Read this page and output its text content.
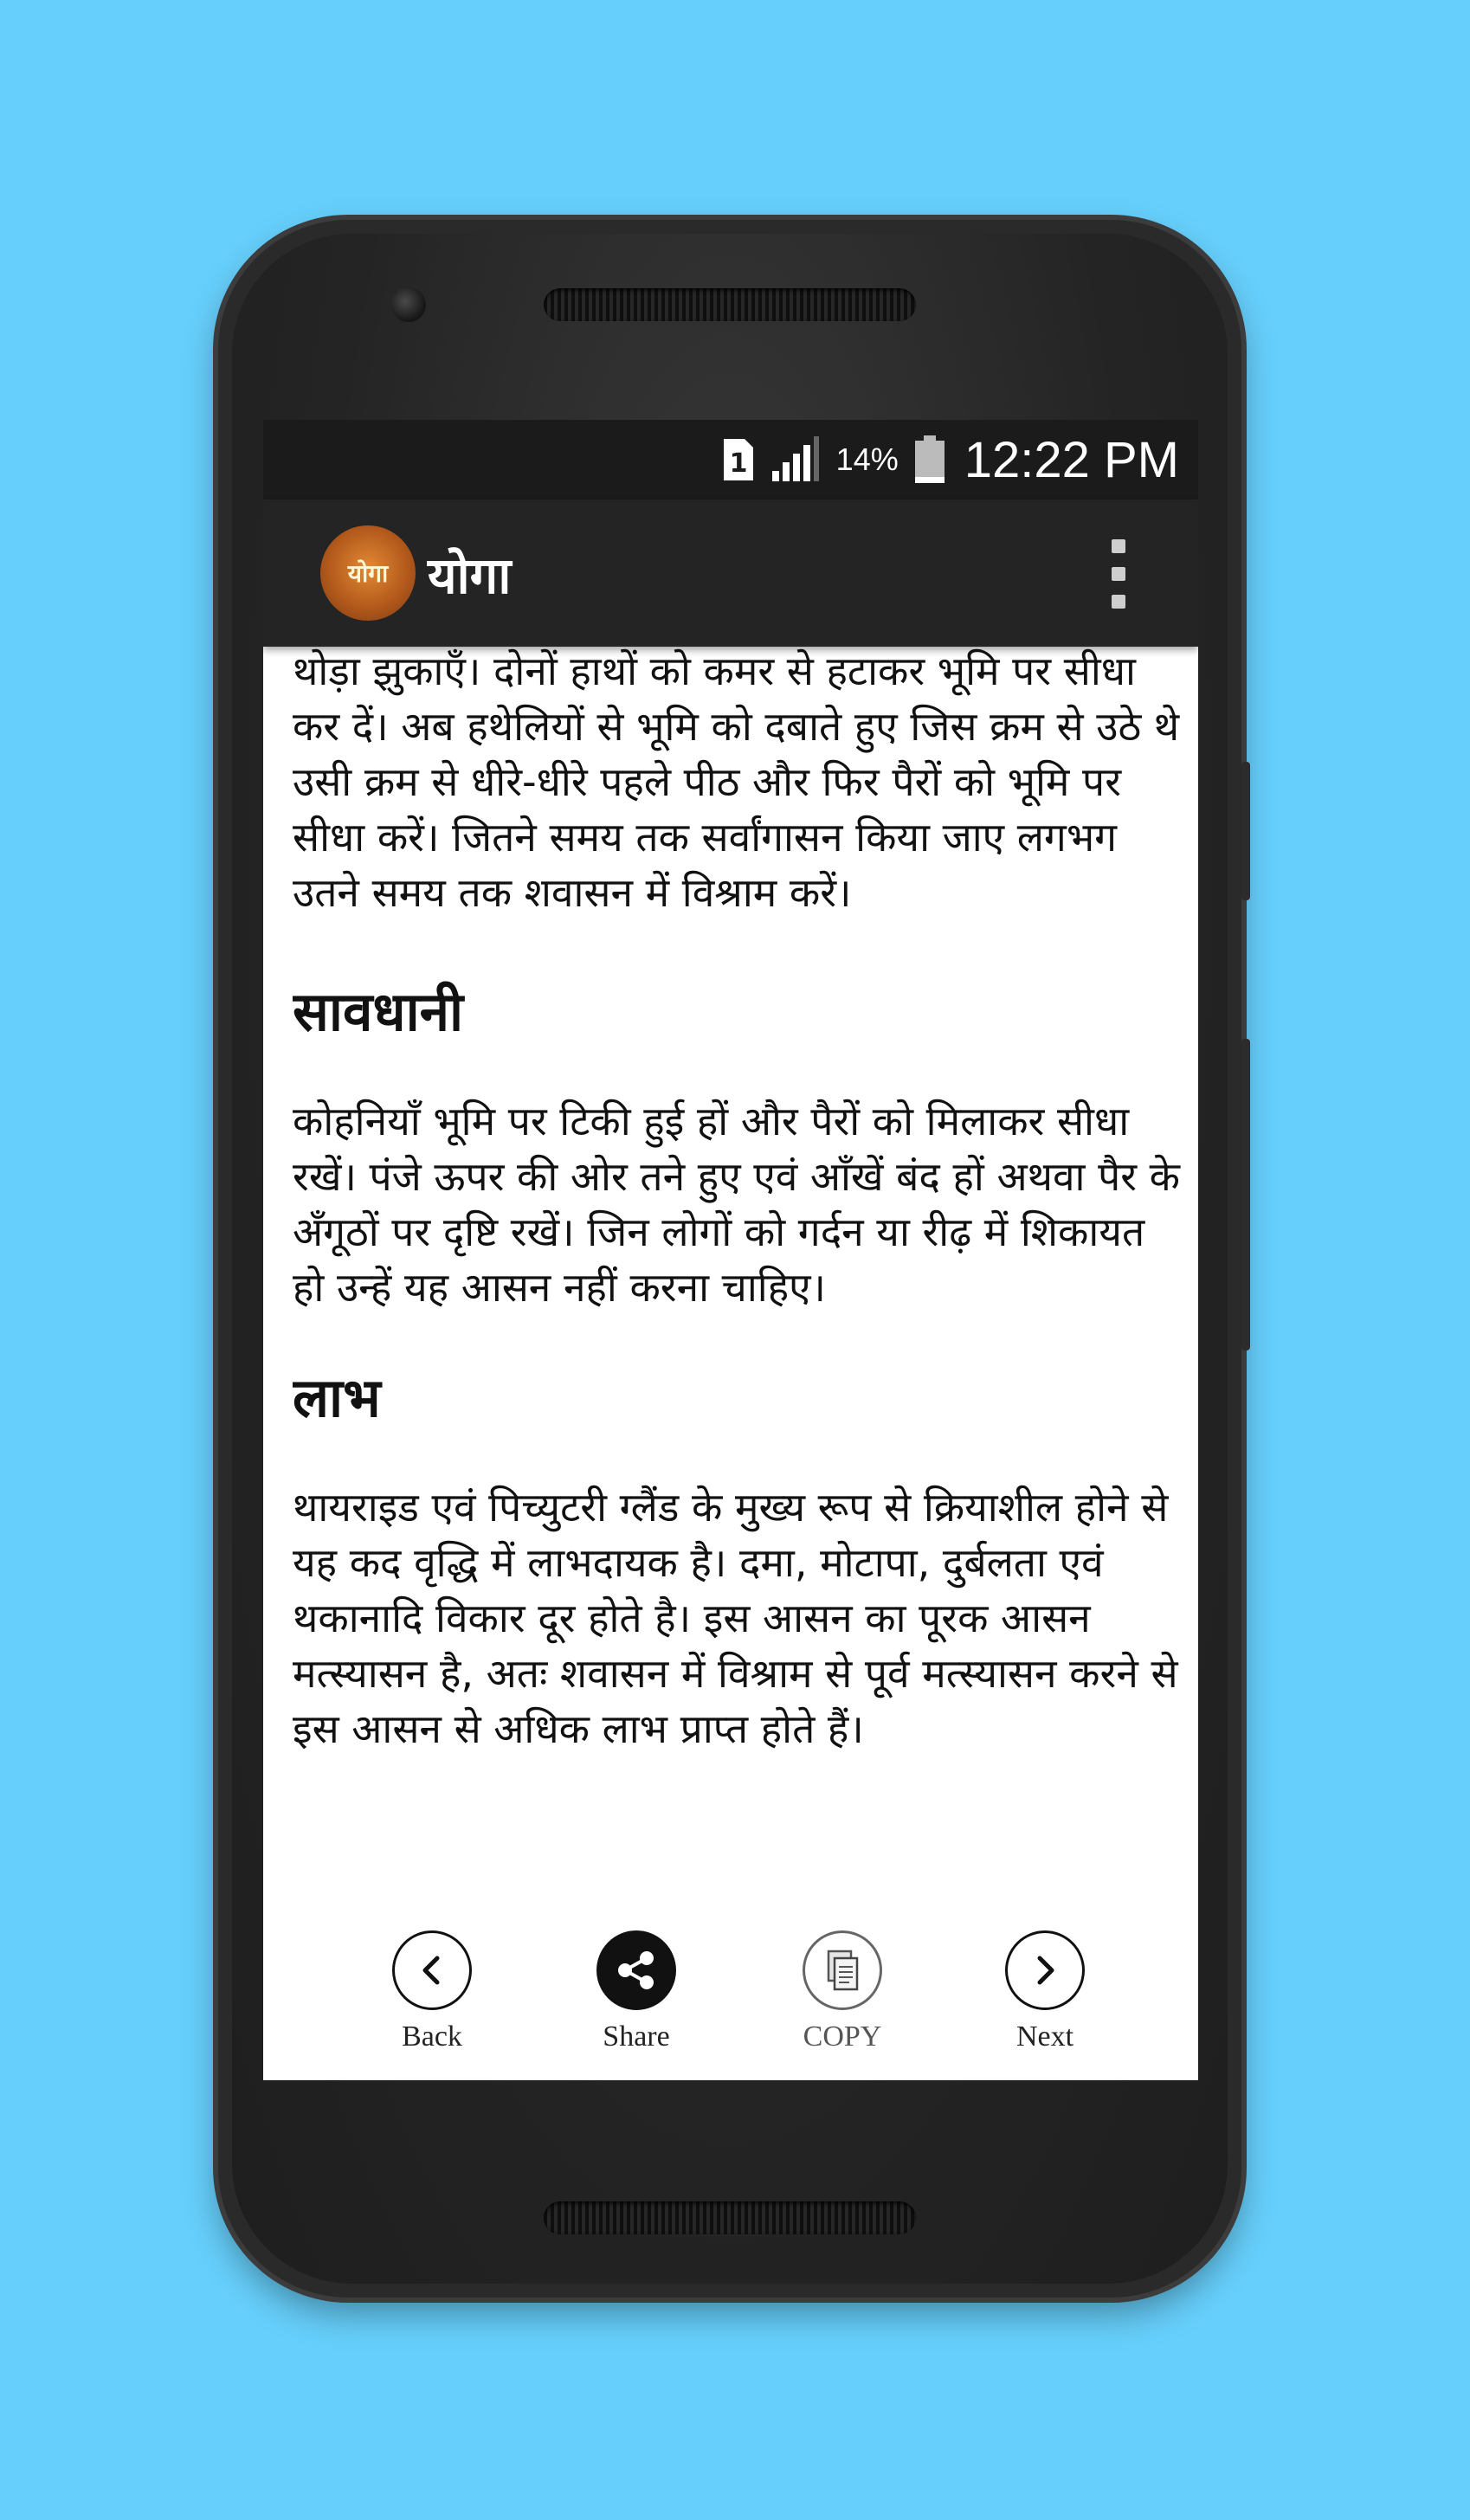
1	14% 12:22 PM
योगा योगा

थोड़ा झुकाएँ। दोनों हाथों को कमर से हटाकर भूमि पर सीधा कर दें। अब हथेलियों से भूमि को दबाते हुए जिस क्रम से उठे थे उसी क्रम से धीरे-धीरे पहले पीठ और फिर पैरों को भूमि पर सीधा करें। जितने समय तक सर्वांगासन किया जाए लगभग उतने समय तक शवासन में विश्राम करें।

सावधानी

कोहनियाँ भूमि पर टिकी हुई हों और पैरों को मिलाकर सीधा रखें। पंजे ऊपर की ओर तने हुए एवं आँखें बंद हों अथवा पैर के अँगूठों पर दृष्टि रखें। जिन लोगों को गर्दन या रीढ़ में शिकायत हो उन्हें यह आसन नहीं करना चाहिए।

लाभ

थायराइड एवं पिच्युटरी ग्लैंड के मुख्य रूप से क्रियाशील होने से यह कद वृद्धि में लाभदायक है। दमा, मोटापा, दुर्बलता एवं थकानादि विकार दूर होते है। इस आसन का पूरक आसन मत्स्यासन है, अतः शवासन में विश्राम से पूर्व मत्स्यासन करने से इस आसन से अधिक लाभ प्राप्त होते हैं।

Back	Share	COPY	Next
